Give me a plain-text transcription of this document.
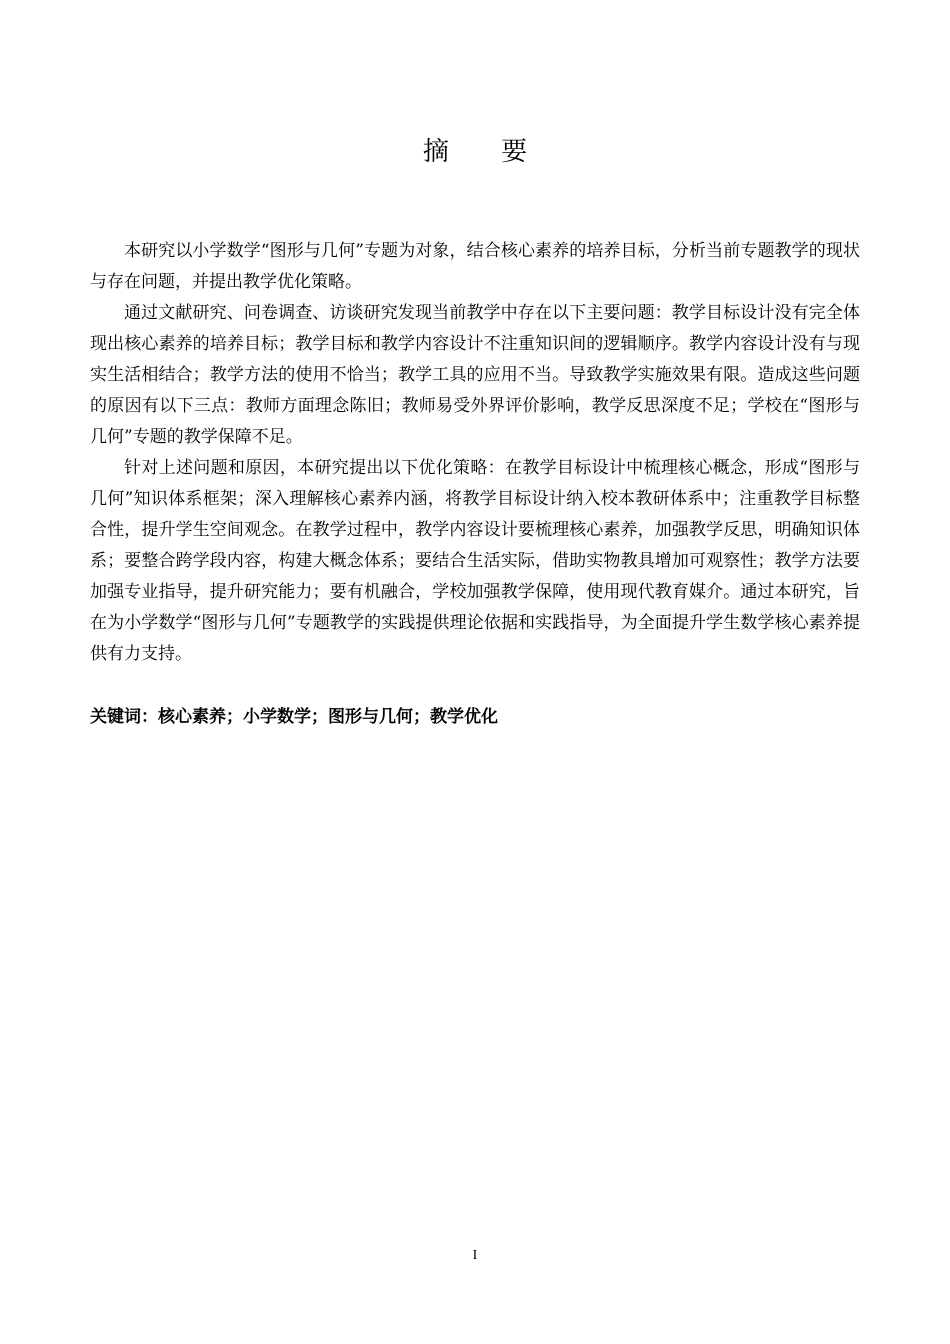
摘 要

本研究以小学数学“图形与几何”专题为对象，结合核心素养的培养目标，分析当前专题教学的现状与存在问题，并提出教学优化策略。

通过文献研究、问卷调查、访谈研究发现当前教学中存在以下主要问题：教学目标设计没有完全体现出核心素养的培养目标；教学目标和教学内容设计不注重知识间的逻辑顺序。教学内容设计没有与现实生活相结合；教学方法的使用不恰当；教学工具的应用不当。导致教学实施效果有限。造成这些问题的原因有以下三点：教师方面理念陈旧；教师易受外界评价影响，教学反思深度不足；学校在“图形与几何”专题的教学保障不足。

针对上述问题和原因，本研究提出以下优化策略：在教学目标设计中梳理核心概念，形成“图形与几何”知识体系框架；深入理解核心素养内涵，将教学目标设计纳入校本教研体系中；注重教学目标整合性，提升学生空间观念。在教学过程中，教学内容设计要梳理核心素养，加强教学反思，明确知识体系；要整合跨学段内容，构建大概念体系；要结合生活实际，借助实物教具增加可观察性；教学方法要加强专业指导，提升研究能力；要有机融合，学校加强教学保障，使用现代教育媒介。通过本研究，旨在为小学数学“图形与几何”专题教学的实践提供理论依据和实践指导，为全面提升学生数学核心素养提供有力支持。

关键词：核心素养；小学数学；图形与几何；教学优化
I
